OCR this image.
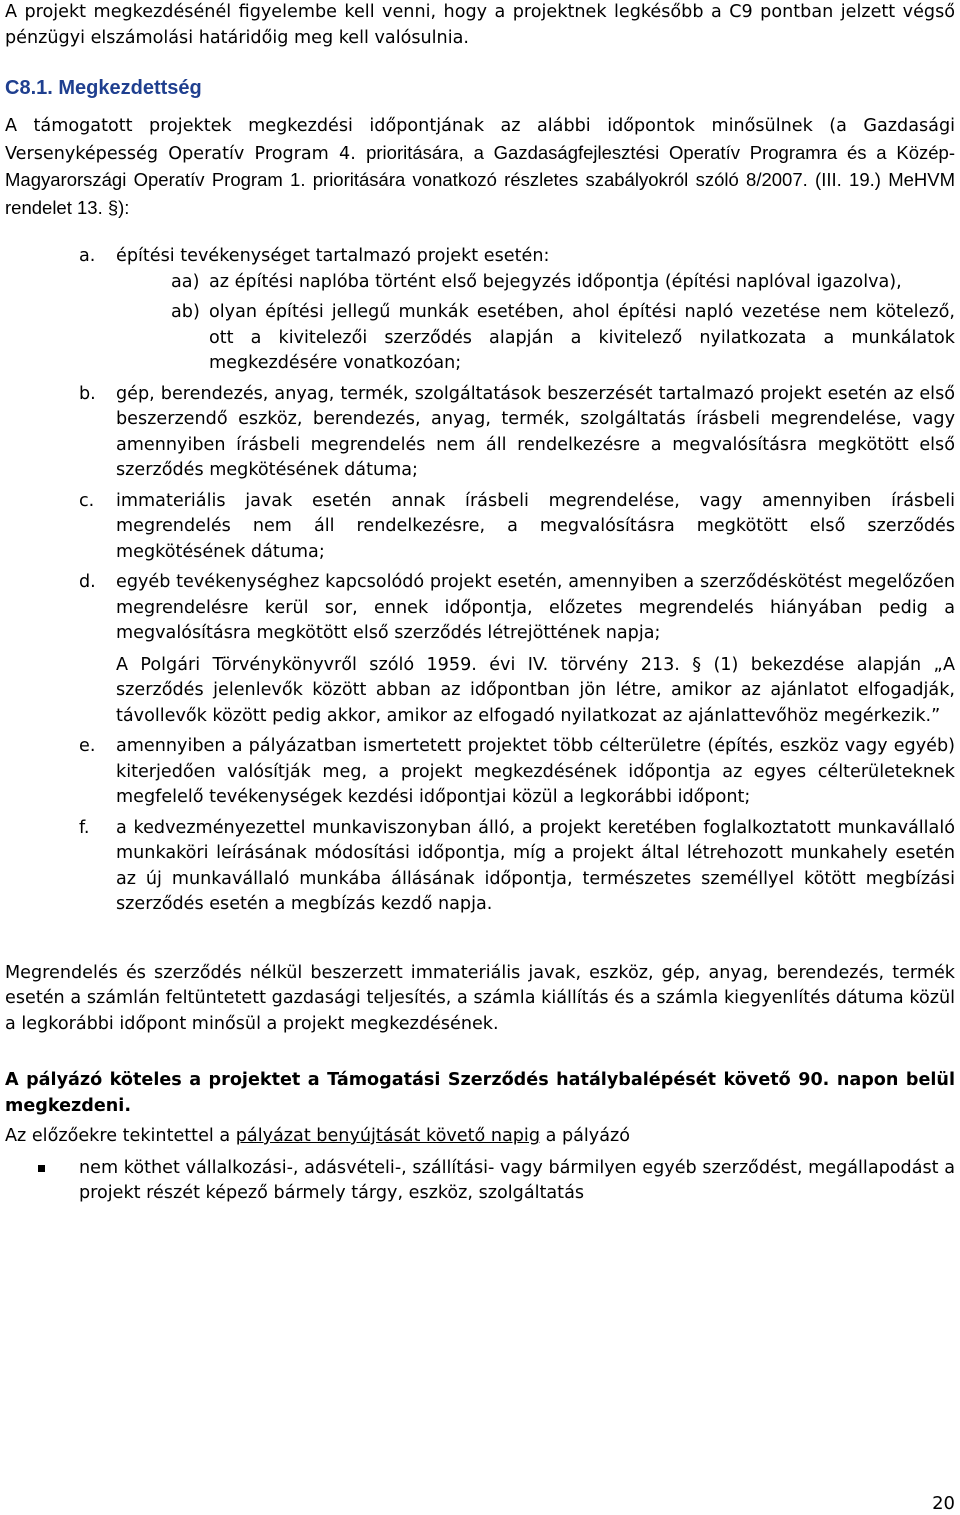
A projekt megkezdésénél figyelembe kell venni, hogy a projektnek legkésőbb a C9 pontban jelzett végső pénzügyi elszámolási határidőig meg kell valósulnia.

C8.1. Megkezdettség

A támogatott projektek megkezdési időpontjának az alábbi időpontok minősülnek (a Gazdasági Versenyképesség Operatív Program 4. prioritására, a Gazdaságfejlesztési Operatív Programra és a Közép-Magyarországi Operatív Program 1. prioritására vonatkozó részletes szabályokról szóló 8/2007. (III. 19.) MeHVM rendelet 13. §):

a. építési tevékenységet tartalmazó projekt esetén:
aa) az építési naplóba történt első bejegyzés időpontja (építési naplóval igazolva),
ab) olyan építési jellegű munkák esetében, ahol építési napló vezetése nem kötelező, ott a kivitelezői szerződés alapján a kivitelező nyilatkozata a munkálatok megkezdésére vonatkozóan;
b. gép, berendezés, anyag, termék, szolgáltatások beszerzését tartalmazó projekt esetén az első beszerzendő eszköz, berendezés, anyag, termék, szolgáltatás írásbeli megrendelése, vagy amennyiben írásbeli megrendelés nem áll rendelkezésre a megvalósításra megkötött első szerződés megkötésének dátuma;
c. immateriális javak esetén annak írásbeli megrendelése, vagy amennyiben írásbeli megrendelés nem áll rendelkezésre, a megvalósításra megkötött első szerződés megkötésének dátuma;
d. egyéb tevékenységhez kapcsolódó projekt esetén, amennyiben a szerződéskötést megelőzően megrendelésre kerül sor, ennek időpontja, előzetes megrendelés hiányában pedig a megvalósításra megkötött első szerződés létrejöttének napja;

A Polgári Törvénykönyvről szóló 1959. évi IV. törvény 213. § (1) bekezdése alapján „A szerződés jelenlevők között abban az időpontban jön létre, amikor az ajánlatot elfogadják, távollevők között pedig akkor, amikor az elfogadó nyilatkozat az ajánlattevőhöz megérkezik.”

e. amennyiben a pályázatban ismertetett projektet több célterületre (építés, eszköz vagy egyéb) kiterjedően valósítják meg, a projekt megkezdésének időpontja az egyes célterületeknek megfelelő tevékenységek kezdési időpontjai közül a legkorábbi időpont;
f. a kedvezményezettel munkaviszonyban álló, a projekt keretében foglalkoztatott munkavállaló munkaköri leírásának módosítási időpontja, míg a projekt által létrehozott munkahely esetén az új munkavállaló munkába állásának időpontja, természetes személlyel kötött megbízási szerződés esetén a megbízás kezdő napja.

Megrendelés és szerződés nélkül beszerzett immateriális javak, eszköz, gép, anyag, berendezés, termék esetén a számlán feltüntetett gazdasági teljesítés, a számla kiállítás és a számla kiegyenlítés dátuma közül a legkorábbi időpont minősül a projekt megkezdésének.

A pályázó köteles a projektet a Támogatási Szerződés hatálybalépését követő 90. napon belül megkezdeni.

Az előzőekre tekintettel a pályázat benyújtását követő napig a pályázó

nem köthet vállalkozási-, adásvételi-, szállítási- vagy bármilyen egyéb szerződést, megállapodást a projekt részét képező bármely tárgy, eszköz, szolgáltatás
20
